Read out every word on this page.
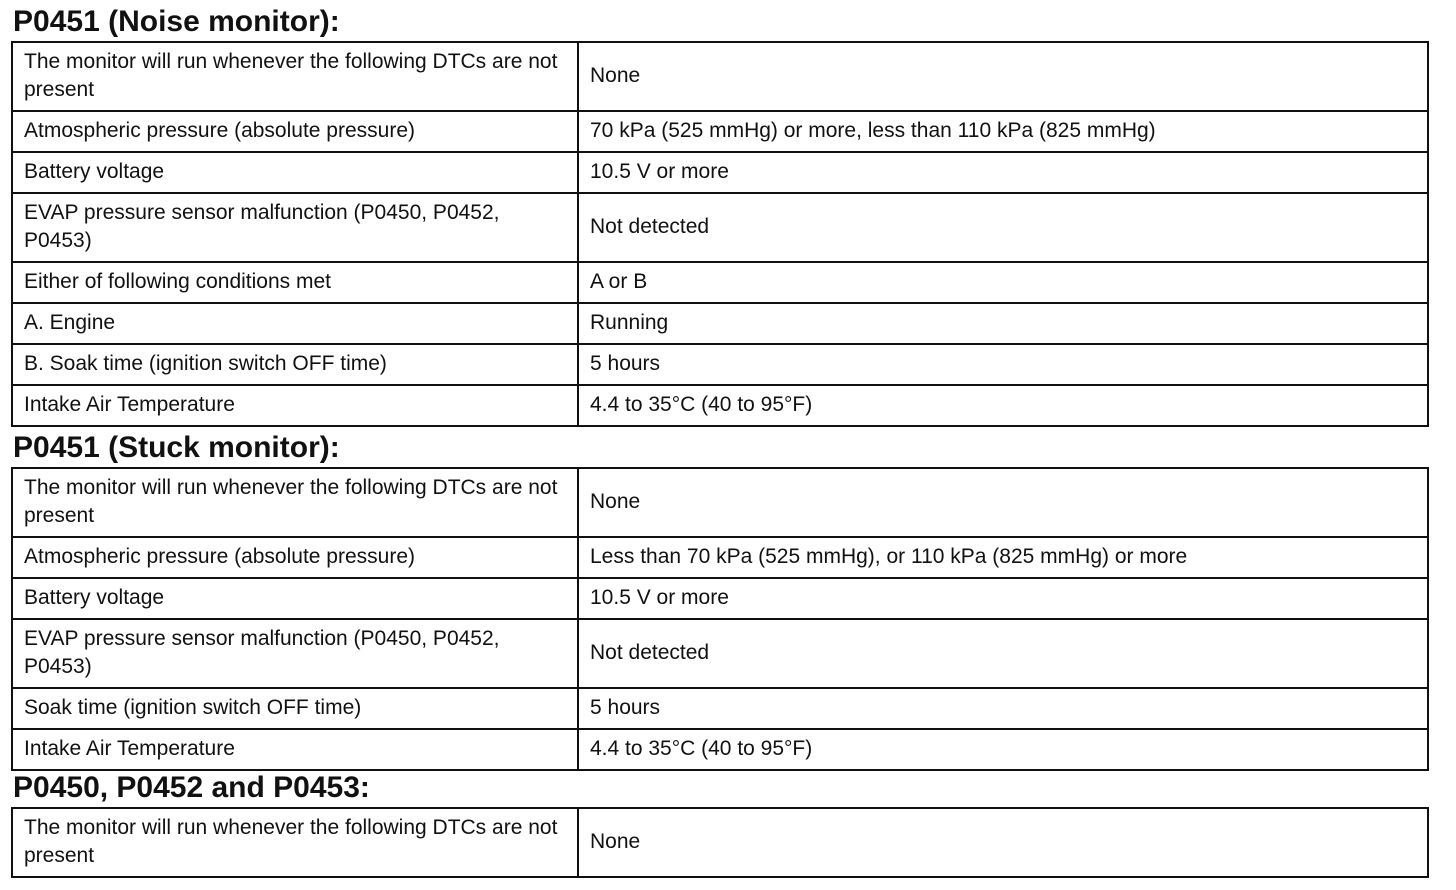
P0451 (Noise monitor):
The monitor will run whenever the following DTCs are not present	None
Atmospheric pressure (absolute pressure)	70 kPa (525 mmHg) or more, less than 110 kPa (825 mmHg)
Battery voltage	10.5 V or more
EVAP pressure sensor malfunction (P0450, P0452, P0453)	Not detected
Either of following conditions met	A or B
A. Engine	Running
B. Soak time (ignition switch OFF time)	5 hours
Intake Air Temperature	4.4 to 35°C (40 to 95°F)
P0451 (Stuck monitor):
The monitor will run whenever the following DTCs are not present	None
Atmospheric pressure (absolute pressure)	Less than 70 kPa (525 mmHg), or 110 kPa (825 mmHg) or more
Battery voltage	10.5 V or more
EVAP pressure sensor malfunction (P0450, P0452, P0453)	Not detected
Soak time (ignition switch OFF time)	5 hours
Intake Air Temperature	4.4 to 35°C (40 to 95°F)
P0450, P0452 and P0453:
The monitor will run whenever the following DTCs are not present	None
